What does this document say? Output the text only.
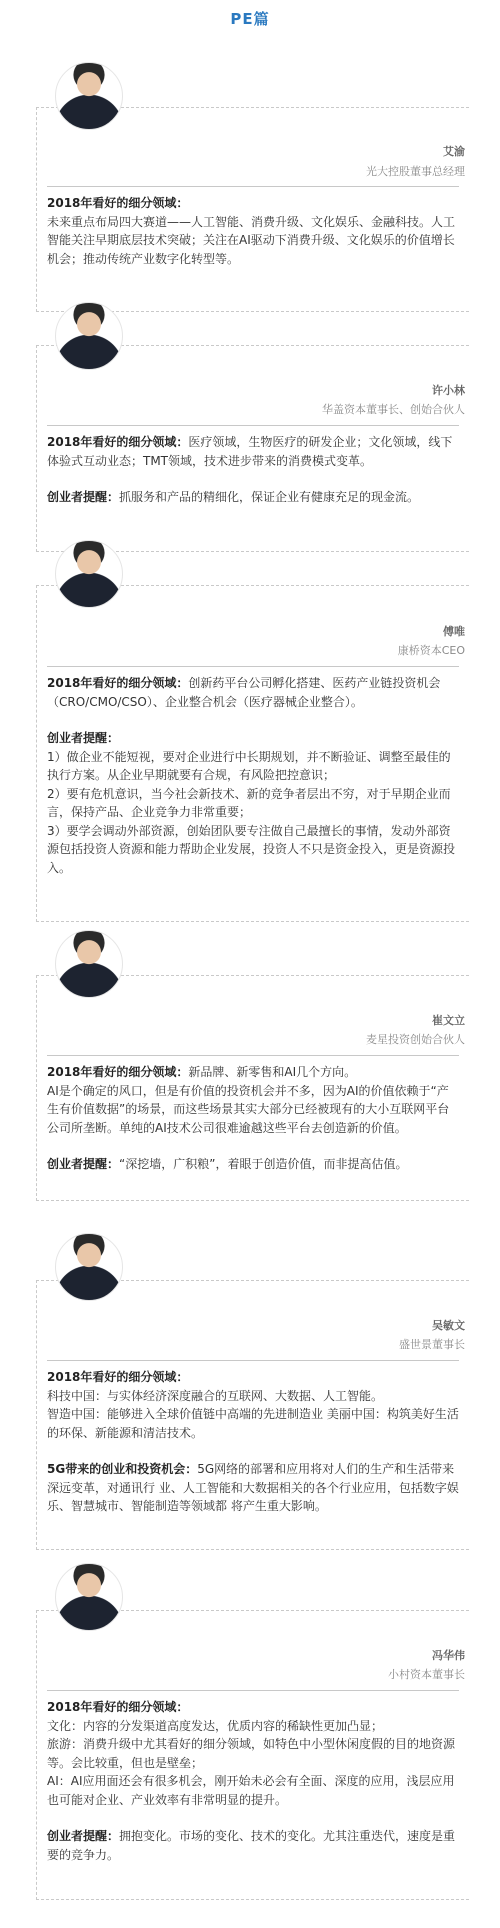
PE篇
艾渝
光大控股董事总经理

2018年看好的细分领域：

未来重点布局四大赛道——人工智能、消费升级、文化娱乐、金融科技。人工智能关注早期底层技术突破；关注在AI驱动下消费升级、文化娱乐的价值增长机会；推动传统产业数字化转型等。

许小林
华盖资本董事长、创始合伙人

2018年看好的细分领域：医疗领域，生物医疗的研发企业；文化领域，线下体验式互动业态；TMT领域，技术进步带来的消费模式变革。

创业者提醒：抓服务和产品的精细化，保证企业有健康充足的现金流。

傅唯
康桥资本CEO

2018年看好的细分领域：创新药平台公司孵化搭建、医药产业链投资机会（CRO/CMO/CSO）、企业整合机会（医疗器械企业整合）。

创业者提醒：

1）做企业不能短视，要对企业进行中长期规划，并不断验证、调整至最佳的执行方案。从企业早期就要有合规，有风险把控意识；

2）要有危机意识，当今社会新技术、新的竞争者层出不穷，对于早期企业而言，保持产品、企业竞争力非常重要；

3）要学会调动外部资源，创始团队要专注做自己最擅长的事情，发动外部资源包括投资人资源和能力帮助企业发展，投资人不只是资金投入，更是资源投入。

崔文立
麦星投资创始合伙人

2018年看好的细分领域：新品牌、新零售和AI几个方向。

AI是个确定的风口，但是有价值的投资机会并不多，因为AI的价值依赖于“产生有价值数据”的场景，而这些场景其实大部分已经被现有的大小互联网平台公司所垄断。单纯的AI技术公司很难逾越这些平台去创造新的价值。

创业者提醒：“深挖墙，广积粮”，着眼于创造价值，而非提高估值。

吴敏文
盛世景董事长

2018年看好的细分领域：

科技中国：与实体经济深度融合的互联网、大数据、人工智能。

智造中国：能够进入全球价值链中高端的先进制造业 美丽中国：构筑美好生活的环保、新能源和清洁技术。

5G带来的创业和投资机会：5G网络的部署和应用将对人们的生产和生活带来深远变革，对通讯行 业、人工智能和大数据相关的各个行业应用，包括数字娱乐、智慧城市、智能制造等领域都 将产生重大影响。

冯华伟
小村资本董事长

2018年看好的细分领域：

文化：内容的分发渠道高度发达，优质内容的稀缺性更加凸显；

旅游：消费升级中尤其看好的细分领域，如特色中小型休闲度假的目的地资源等。会比较重，但也是壁垒；

AI：AI应用面还会有很多机会，刚开始未必会有全面、深度的应用，浅层应用也可能对企业、产业效率有非常明显的提升。

创业者提醒：拥抱变化。市场的变化、技术的变化。尤其注重迭代，速度是重要的竞争力。
